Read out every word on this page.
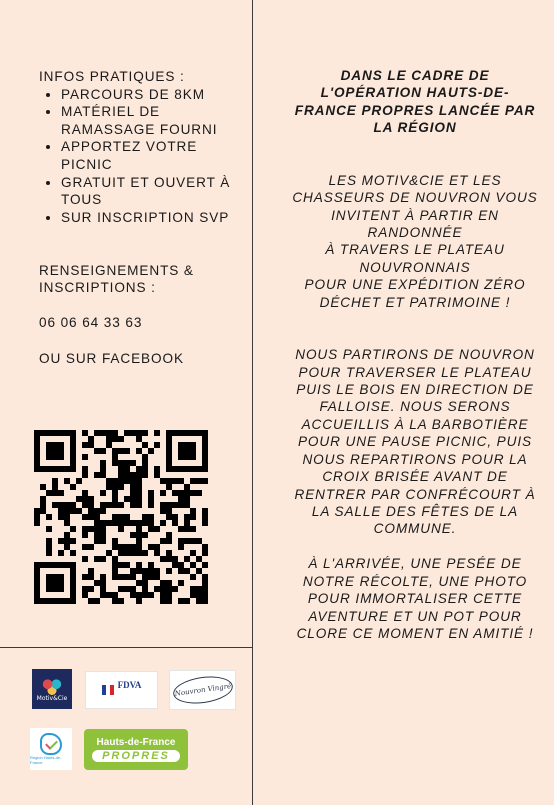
INFOS PRATIQUES :

• PARCOURS DE 8KM
• MATÉRIEL DE RAMASSAGE FOURNI
• APPORTEZ VOTRE PICNIC
• GRATUIT ET OUVERT À TOUS
• SUR INSCRIPTION SVP

RENSEIGNEMENTS & INSCRIPTIONS :

06 06 64 33 63

OU SUR FACEBOOK

DANS LE CADRE DE L'OPÉRATION HAUTS-DE-FRANCE PROPRES LANCÉE PAR LA RÉGION

LES MOTIV&CIE ET LES CHASSEURS DE NOUVRON VOUS INVITENT À PARTIR EN RANDONNÉE

À TRAVERS LE PLATEAU NOUVRONNAIS

POUR UNE EXPÉDITION ZÉRO DÉCHET ET PATRIMOINE !

NOUS PARTIRONS DE NOUVRON POUR TRAVERSER LE PLATEAU PUIS LE BOIS EN DIRECTION DE FALLOISE. NOUS SERONS ACCUEILLIS À LA BARBOTIÈRE POUR UNE PAUSE PICNIC, PUIS NOUS REPARTIRONS POUR LA CROIX BRISÉE AVANT DE RENTRER PAR CONFRÉCOURT À LA SALLE DES FÊTES DE LA COMMUNE.

À L'ARRIVÉE, UNE PESÉE DE NOTRE RÉCOLTE, UNE PHOTO POUR IMMORTALISER CETTE AVENTURE ET UN POT POUR CLORE CE MOMENT EN AMITIÉ !

Motiv&Cie
FDVA

	Nouvron Vingré
Région Hauts-de-France
Hauts-de-France
PROPRES
